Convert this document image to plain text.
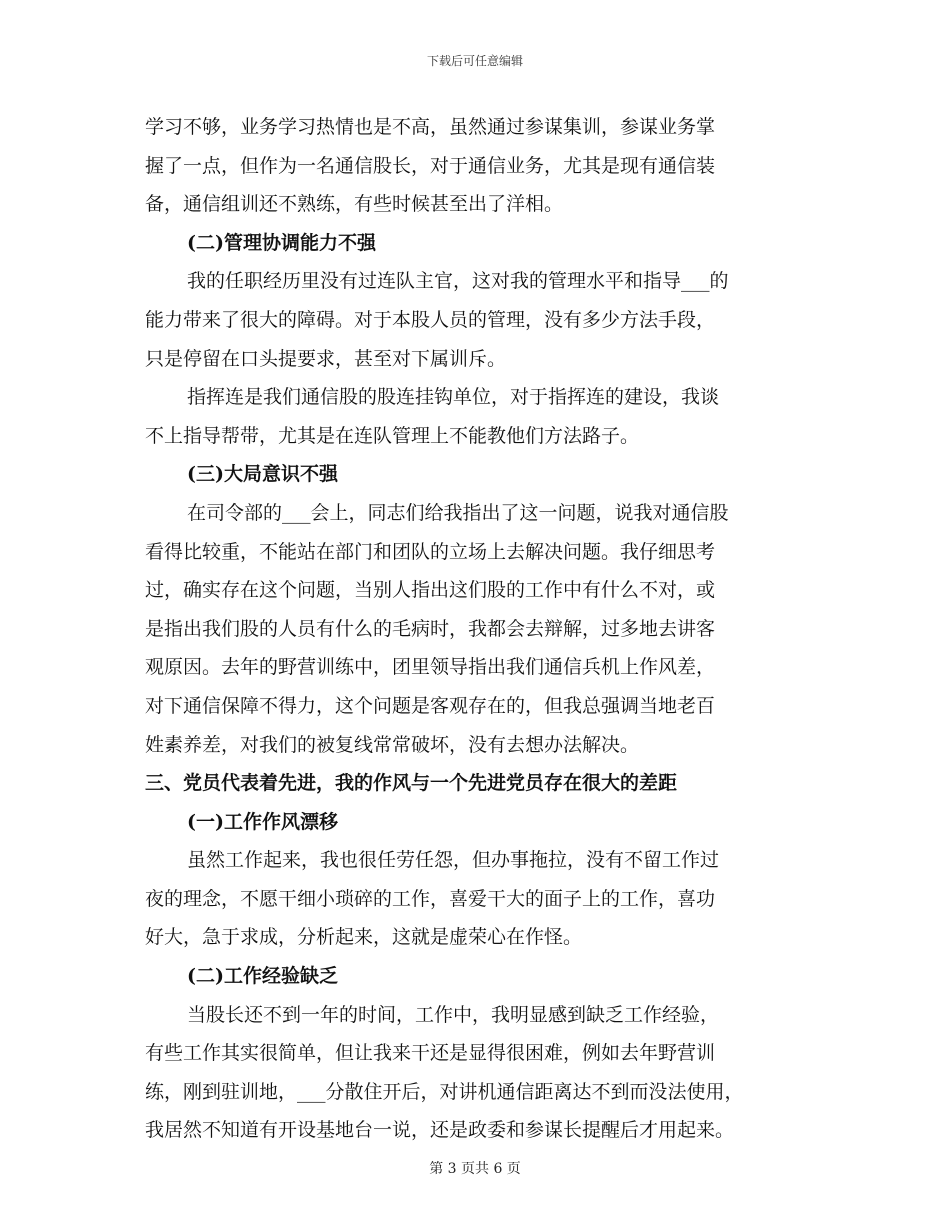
下载后可任意编辑
学习不够，业务学习热情也是不高，虽然通过参谋集训，参谋业务掌
握了一点，但作为一名通信股长，对于通信业务，尤其是现有通信装
备，通信组训还不熟练，有些时候甚至出了洋相。
(二)管理协调能力不强
我的任职经历里没有过连队主官，这对我的管理水平和指导___的
能力带来了很大的障碍。对于本股人员的管理，没有多少方法手段，
只是停留在口头提要求，甚至对下属训斥。
指挥连是我们通信股的股连挂钩单位，对于指挥连的建设，我谈
不上指导帮带，尤其是在连队管理上不能教他们方法路子。
(三)大局意识不强
在司令部的___会上，同志们给我指出了这一问题，说我对通信股
看得比较重，不能站在部门和团队的立场上去解决问题。我仔细思考
过，确实存在这个问题，当别人指出这们股的工作中有什么不对，或
是指出我们股的人员有什么的毛病时，我都会去辩解，过多地去讲客
观原因。去年的野营训练中，团里领导指出我们通信兵机上作风差，
对下通信保障不得力，这个问题是客观存在的，但我总强调当地老百
姓素养差，对我们的被复线常常破坏，没有去想办法解决。
三、党员代表着先进，我的作风与一个先进党员存在很大的差距
(一)工作作风漂移
虽然工作起来，我也很任劳任怨，但办事拖拉，没有不留工作过
夜的理念，不愿干细小琐碎的工作，喜爱干大的面子上的工作，喜功
好大，急于求成，分析起来，这就是虚荣心在作怪。
(二)工作经验缺乏
当股长还不到一年的时间，工作中，我明显感到缺乏工作经验，
有些工作其实很简单，但让我来干还是显得很困难，例如去年野营训
练，刚到驻训地，___分散住开后，对讲机通信距离达不到而没法使用，
我居然不知道有开设基地台一说，还是政委和参谋长提醒后才用起来。
第 3 页共 6 页
